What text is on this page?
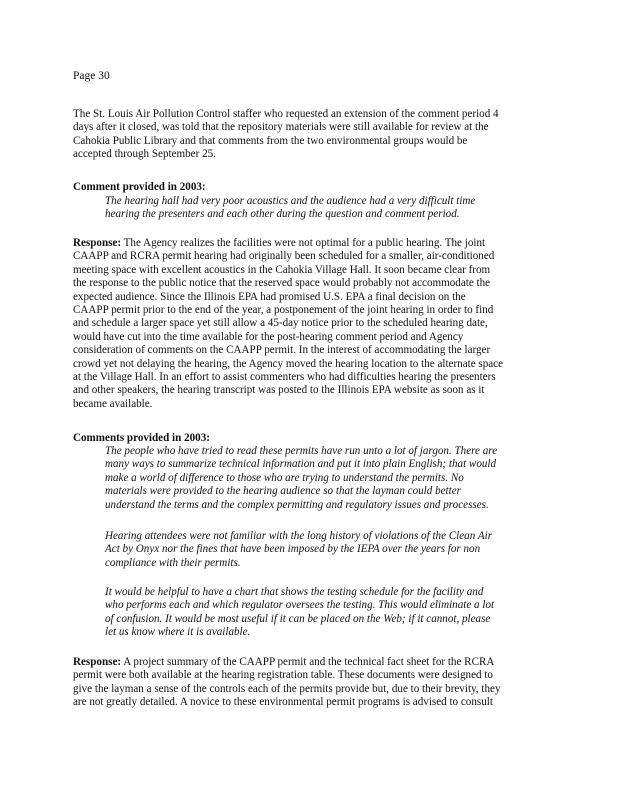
Page 30
The St. Louis Air Pollution Control staffer who requested an extension of the comment period 4
days after it closed, was told that the repository materials were still available for review at the
Cahokia Public Library and that comments from the two environmental groups would be
accepted through September 25.
Comment provided in 2003:
The hearing hall had very poor acoustics and the audience had a very difficult time
hearing the presenters and each other during the question and comment period.
Response: The Agency realizes the facilities were not optimal for a public hearing. The joint
CAAPP and RCRA permit hearing had originally been scheduled for a smaller, air-conditioned
meeting space with excellent acoustics in the Cahokia Village Hall. It soon became clear from
the response to the public notice that the reserved space would probably not accommodate the
expected audience. Since the Illinois EPA had promised U.S. EPA a final decision on the
CAAPP permit prior to the end of the year, a postponement of the joint hearing in order to find
and schedule a larger space yet still allow a 45-day notice prior to the scheduled hearing date,
would have cut into the time available for the post-hearing comment period and Agency
consideration of comments on the CAAPP permit. In the interest of accommodating the larger
crowd yet not delaying the hearing, the Agency moved the hearing location to the alternate space
at the Village Hall. In an effort to assist commenters who had difficulties hearing the presenters
and other speakers, the hearing transcript was posted to the Illinois EPA website as soon as it
became available.
Comments provided in 2003:
The people who have tried to read these permits have run unto a lot of jargon. There are
many ways to summarize technical information and put it into plain English; that would
make a world of difference to those who are trying to understand the permits. No
materials were provided to the hearing audience so that the layman could better
understand the terms and the complex permitting and regulatory issues and processes.
Hearing attendees were not familiar with the long history of violations of the Clean Air
Act by Onyx nor the fines that have been imposed by the IEPA over the years for non
compliance with their permits.
It would be helpful to have a chart that shows the testing schedule for the facility and
who performs each and which regulator oversees the testing. This would eliminate a lot
of confusion. It would be most useful if it can be placed on the Web; if it cannot, please
let us know where it is available.
Response: A project summary of the CAAPP permit and the technical fact sheet for the RCRA
permit were both available at the hearing registration table. These documents were designed to
give the layman a sense of the controls each of the permits provide but, due to their brevity, they
are not greatly detailed. A novice to these environmental permit programs is advised to consult
